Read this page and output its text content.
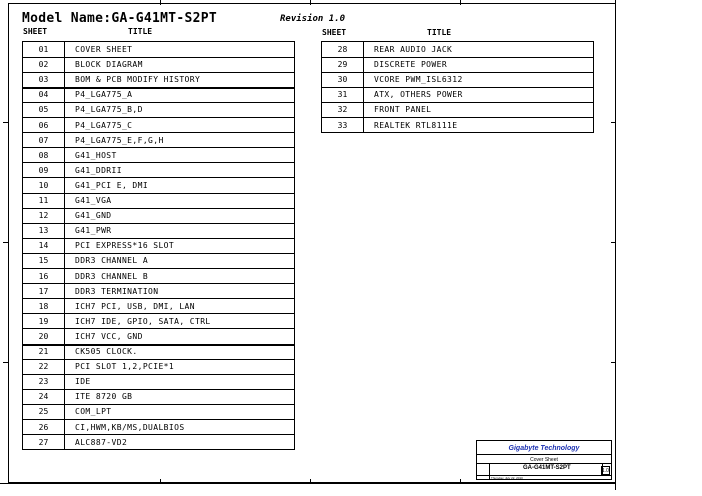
Model Name:GA-G41MT-S2PT	Revision 1.0
SHEET	TITLE	SHEET	TITLE
01	COVER SHEET
02	BLOCK DIAGRAM
03	BOM & PCB MODIFY HISTORY
04	P4_LGA775_A
05	P4_LGA775_B,D
06	P4_LGA775_C
07	P4_LGA775_E,F,G,H
08	G41_HOST
09	G41_DDRII
10	G41_PCI E, DMI
11	G41_VGA
12	G41_GND
13	G41_PWR
14	PCI EXPRESS*16 SLOT
15	DDR3 CHANNEL A
16	DDR3 CHANNEL B
17	DDR3 TERMINATION
18	ICH7 PCI, USB, DMI, LAN
19	ICH7 IDE, GPIO, SATA, CTRL
20	ICH7 VCC, GND
21	CK505 CLOCK.
22	PCI SLOT 1,2,PCIE*1
23	IDE
24	ITE 8720 GB
25	COM_LPT
26	CI,HWM,KB/MS,DUALBIOS
27	ALC887-VD2
28	REAR AUDIO JACK
29	DISCRETE POWER
30	VCORE PWM_ISL6312
31	ATX, OTHERS POWER
32	FRONT PANEL
33	REALTEK RTL8111E
Gigabyte Technology
Cover Sheet
GA-G41MT-S2PT	1.0
Thursday, July 22, 2010
